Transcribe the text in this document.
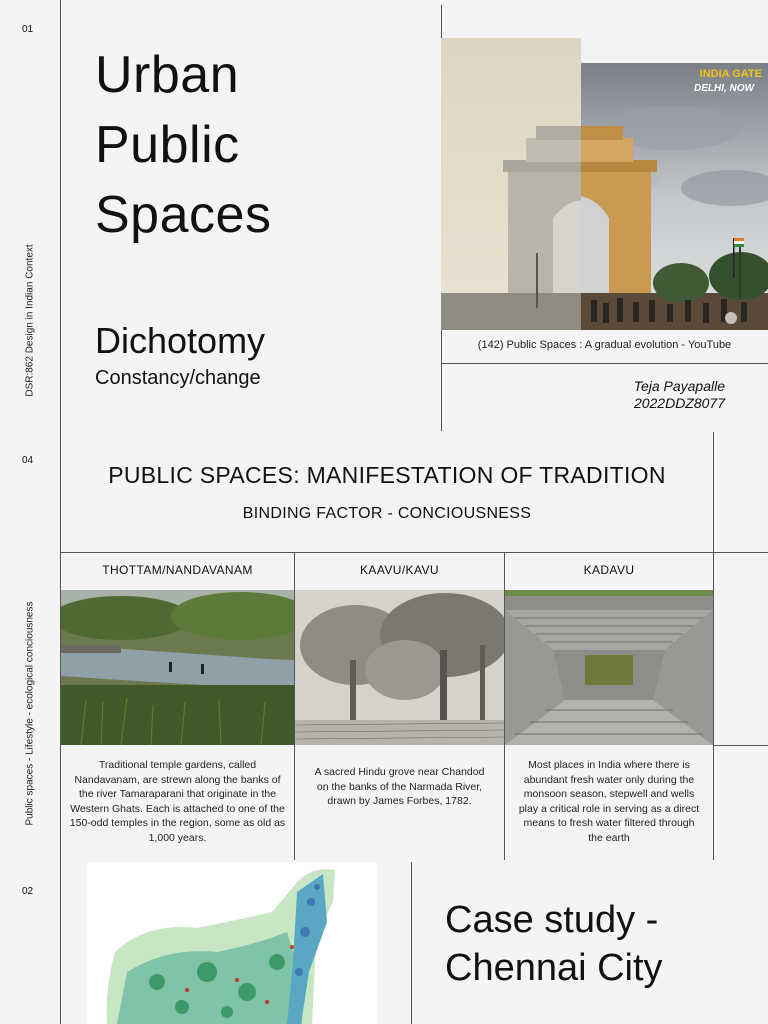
01
04
02
DSR:862 Design in Indian Context
Public spaces - Lifestyle - ecological conciousness
Urban
Public
Spaces
Dichotomy
Constancy/change
INDIA GATE
DELHI, NOW
(142) Public Spaces : A gradual evolution - YouTube
Teja Payapalle
2022DDZ8077
PUBLIC SPACES: MANIFESTATION OF TRADITION
BINDING FACTOR - CONCIOUSNESS
THOTTAM/NANDAVANAM	KAAVU/KAVU	KADAVU
Traditional temple gardens, called Nandavanam, are strewn along the banks of the river Tamaraparani that originate in the Western Ghats. Each is attached to one of the 150-odd temples in the region, some as old as 1,000 years.
A sacred Hindu grove near Chandod on the banks of the Narmada River, drawn by James Forbes, 1782.
Most places in India where there is abundant fresh water only during the monsoon season, stepwell and wells play a critical role in serving as a direct means to fresh water filtered through the earth
Case study -
Chennai City
